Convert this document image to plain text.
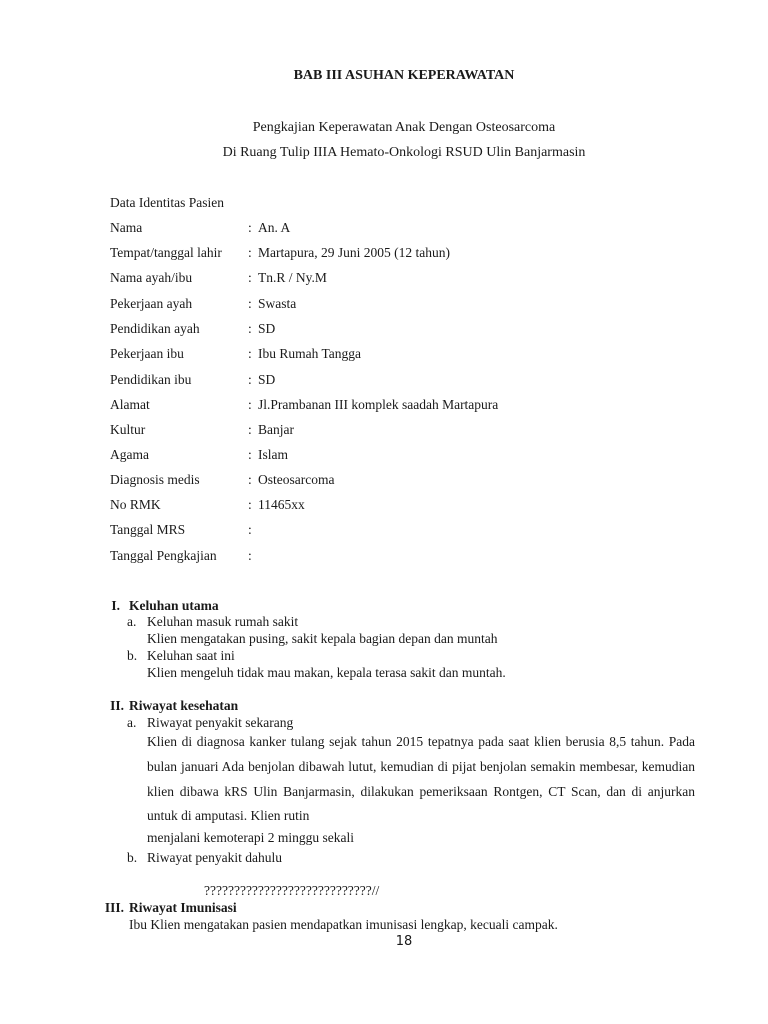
BAB III ASUHAN KEPERAWATAN
Pengkajian Keperawatan Anak Dengan Osteosarcoma
Di Ruang Tulip IIIA Hemato-Onkologi RSUD Ulin Banjarmasin
Data Identitas Pasien
Nama	: An. A
Tempat/tanggal lahir : Martapura, 29 Juni 2005 (12 tahun)
Nama ayah/ibu	: Tn.R / Ny.M
Pekerjaan ayah	: Swasta
Pendidikan ayah	: SD
Pekerjaan ibu	: Ibu Rumah Tangga
Pendidikan ibu	: SD
Alamat	: Jl.Prambanan III komplek saadah Martapura
Kultur	: Banjar
Agama	: Islam
Diagnosis medis	: Osteosarcoma
No RMK	: 11465xx
Tanggal MRS	:
Tanggal Pengkajian :
I. Keluhan utama
a. Keluhan masuk rumah sakit
Klien mengatakan pusing, sakit kepala bagian depan dan muntah
b. Keluhan saat ini
Klien mengeluh tidak mau makan, kepala terasa sakit dan muntah.
II. Riwayat kesehatan
a. Riwayat penyakit sekarang
Klien di diagnosa kanker tulang sejak tahun 2015 tepatnya pada saat klien berusia 8,5 tahun. Pada bulan januari Ada benjolan dibawah lutut, kemudian di pijat benjolan semakin membesar, kemudian klien dibawa kRS Ulin Banjarmasin, dilakukan pemeriksaan Rontgen, CT Scan, dan di anjurkan untuk di amputasi. Klien rutin
menjalani kemoterapi 2 minggu sekali
b. Riwayat penyakit dahulu
????????????????????????????//
III. Riwayat Imunisasi
Ibu Klien mengatakan pasien mendapatkan imunisasi lengkap, kecuali campak.
18
